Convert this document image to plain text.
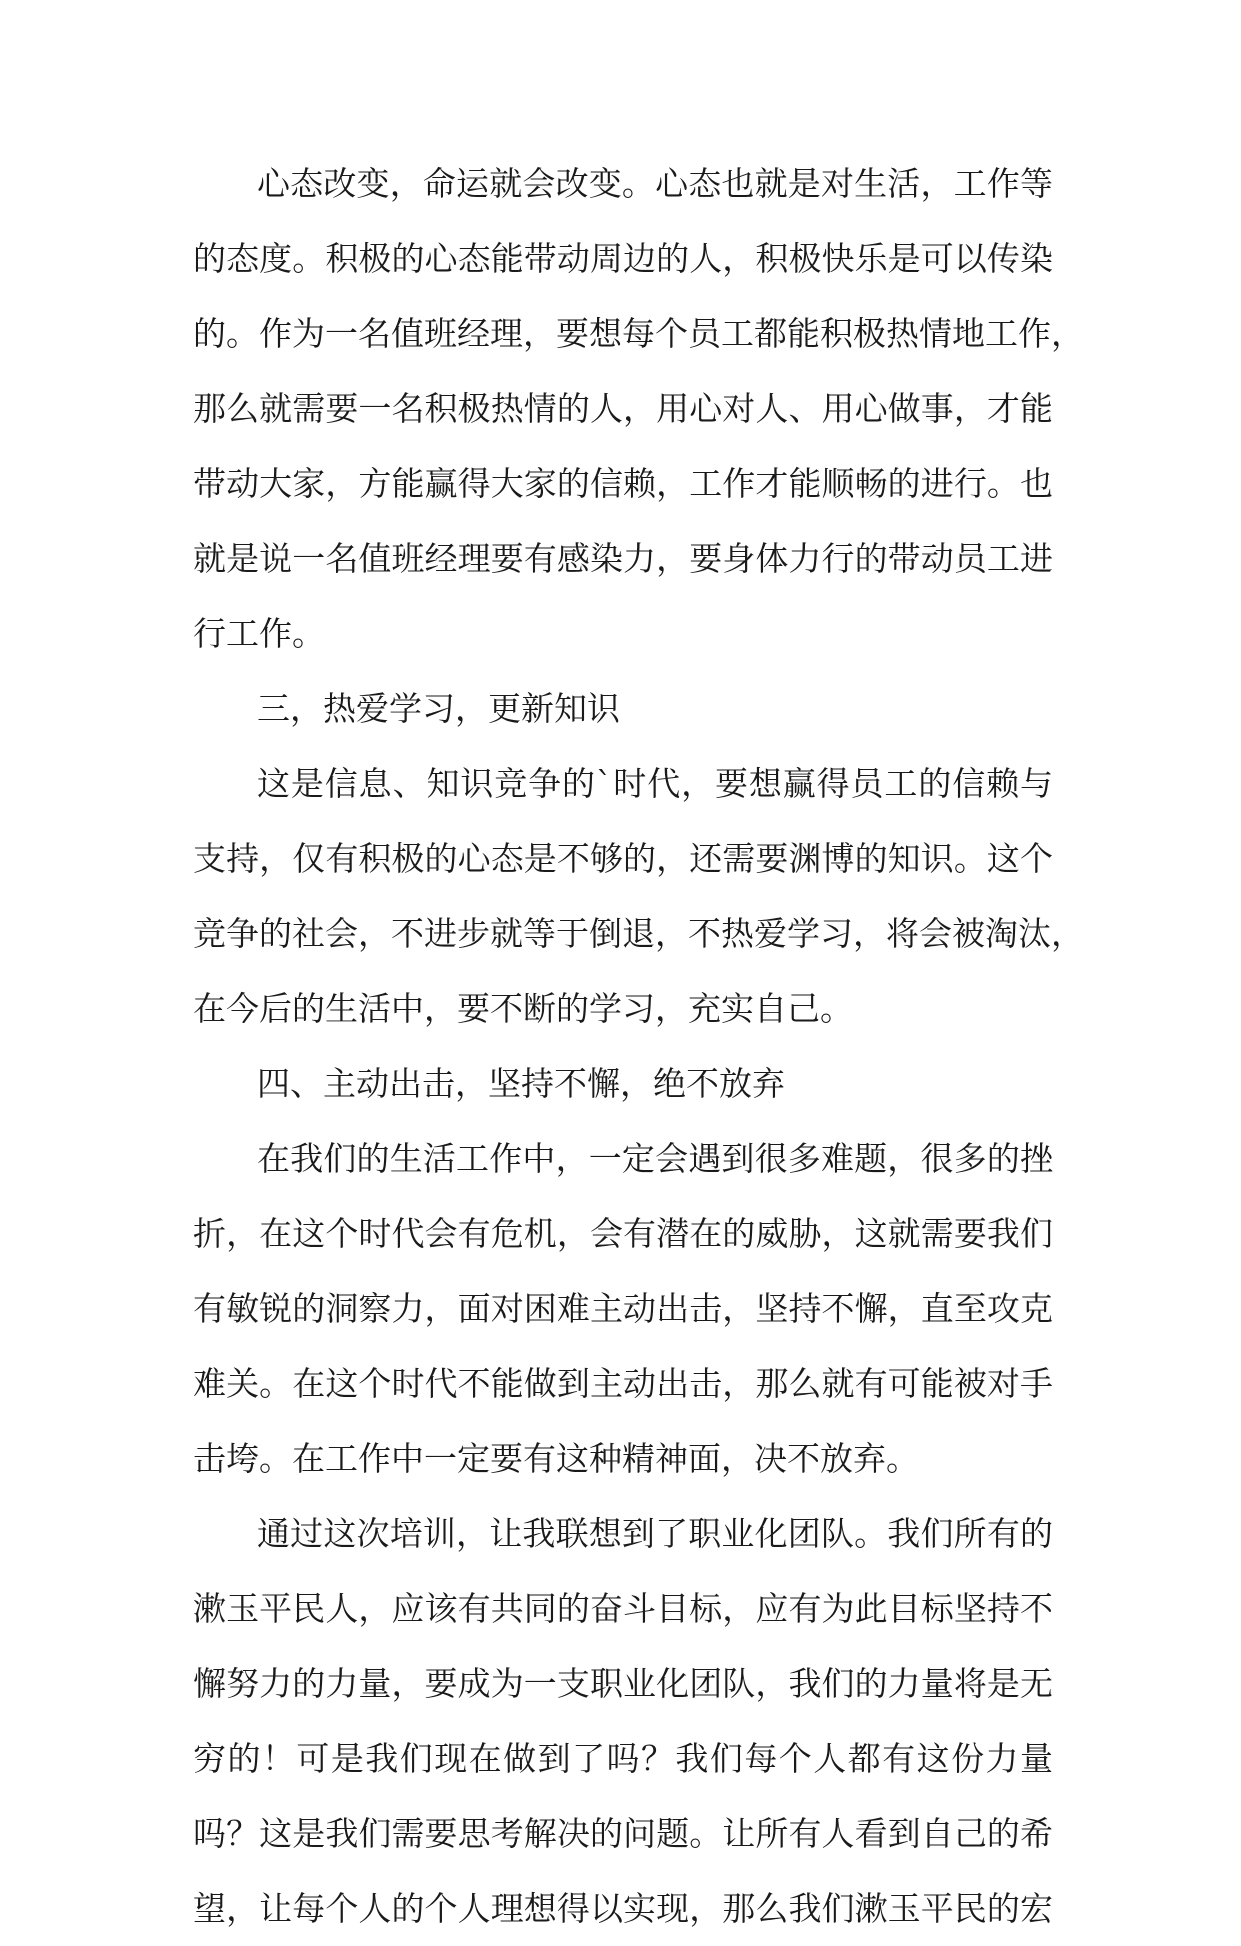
心态改变，命运就会改变。心态也就是对生活，工作等
的态度。积极的心态能带动周边的人，积极快乐是可以传染
的。作为一名值班经理，要想每个员工都能积极热情地工作，
那么就需要一名积极热情的人，用心对人、用心做事，才能
带动大家，方能赢得大家的信赖，工作才能顺畅的进行。也
就是说一名值班经理要有感染力，要身体力行的带动员工进
行工作。
三，热爱学习，更新知识
这是信息、知识竞争的`时代，要想赢得员工的信赖与
支持，仅有积极的心态是不够的，还需要渊博的知识。这个
竞争的社会，不进步就等于倒退，不热爱学习，将会被淘汰，
在今后的生活中，要不断的学习，充实自己。
四、主动出击，坚持不懈，绝不放弃
在我们的生活工作中，一定会遇到很多难题，很多的挫
折，在这个时代会有危机，会有潜在的威胁，这就需要我们
有敏锐的洞察力，面对困难主动出击，坚持不懈，直至攻克
难关。在这个时代不能做到主动出击，那么就有可能被对手
击垮。在工作中一定要有这种精神面，决不放弃。
通过这次培训，让我联想到了职业化团队。我们所有的
漱玉平民人，应该有共同的奋斗目标，应有为此目标坚持不
懈努力的力量，要成为一支职业化团队，我们的力量将是无
穷的！可是我们现在做到了吗？我们每个人都有这份力量
吗？这是我们需要思考解决的问题。让所有人看到自己的希
望，让每个人的个人理想得以实现，那么我们漱玉平民的宏
